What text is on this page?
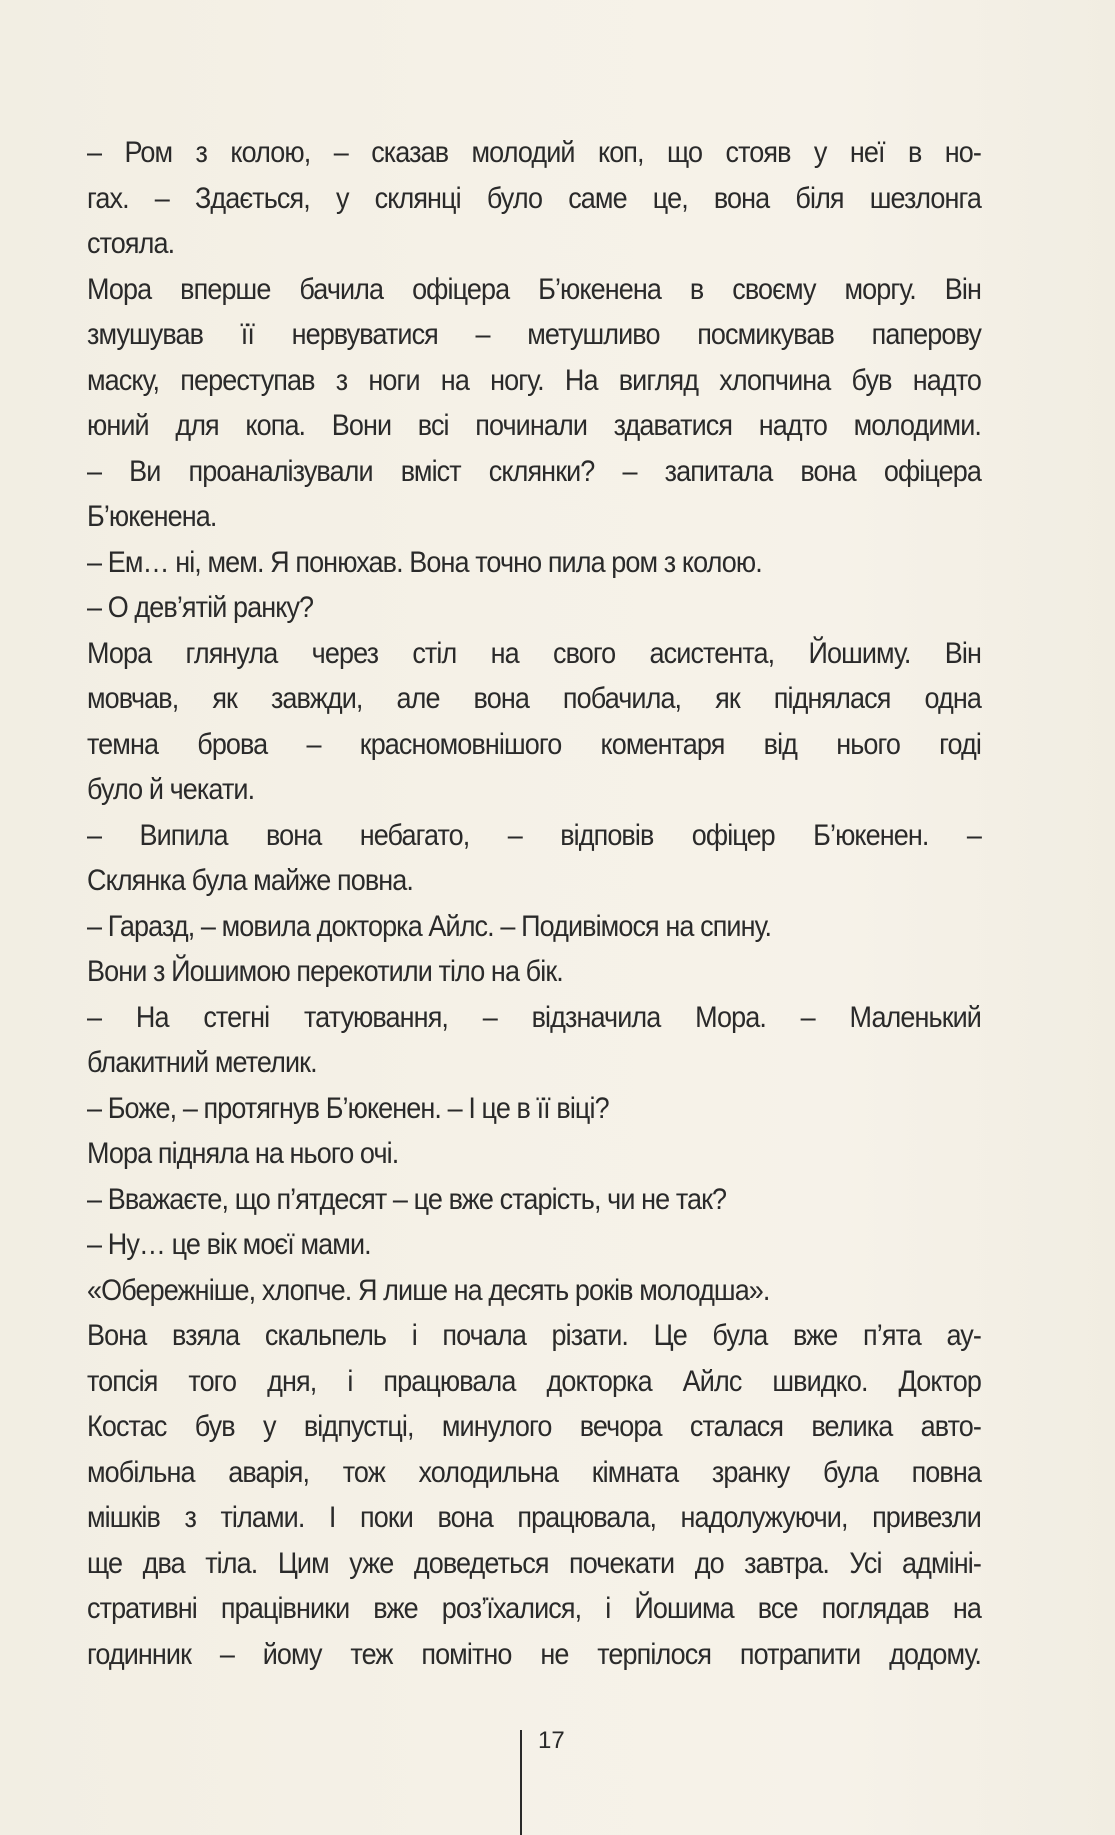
– Ром з колою, – сказав молодий коп, що стояв у неї в но-
гах. – Здається, у склянці було саме це, вона біля шезлонга
стояла.
Мора вперше бачила офіцера Б’юкенена в своєму моргу. Він
змушував її нервуватися – метушливо посмикував паперову
маску, переступав з ноги на ногу. На вигляд хлопчина був надто
юний для копа. Вони всі починали здаватися надто молодими.
– Ви проаналізували вміст склянки? – запитала вона офіцера
Б’юкенена.
– Ем… ні, мем. Я понюхав. Вона точно пила ром з колою.
– О дев’ятій ранку?
Мора глянула через стіл на свого асистента, Йошиму. Він
мовчав, як завжди, але вона побачила, як піднялася одна
темна брова – красномовнішого коментаря від нього годі
було й чекати.
– Випила вона небагато, – відповів офіцер Б’юкенен. –
Склянка була майже повна.
– Гаразд, – мовила докторка Айлс. – Подивімося на спину.
Вони з Йошимою перекотили тіло на бік.
– На стегні татуювання, – відзначила Мора. – Маленький
блакитний метелик.
– Боже, – протягнув Б’юкенен. – І це в її віці?
Мора підняла на нього очі.
– Вважаєте, що п’ятдесят – це вже старість, чи не так?
– Ну… це вік моєї мами.
«Обережніше, хлопче. Я лише на десять років молодша».
Вона взяла скальпель і почала різати. Це була вже п’ята ау-
топсія того дня, і працювала докторка Айлс швидко. Доктор
Костас був у відпустці, минулого вечора сталася велика авто-
мобільна аварія, тож холодильна кімната зранку була повна
мішків з тілами. І поки вона працювала, надолужуючи, привезли
ще два тіла. Цим уже доведеться почекати до завтра. Усі адміні-
стративні працівники вже роз’їхалися, і Йошима все поглядав на
годинник – йому теж помітно не терпілося потрапити додому.
17
